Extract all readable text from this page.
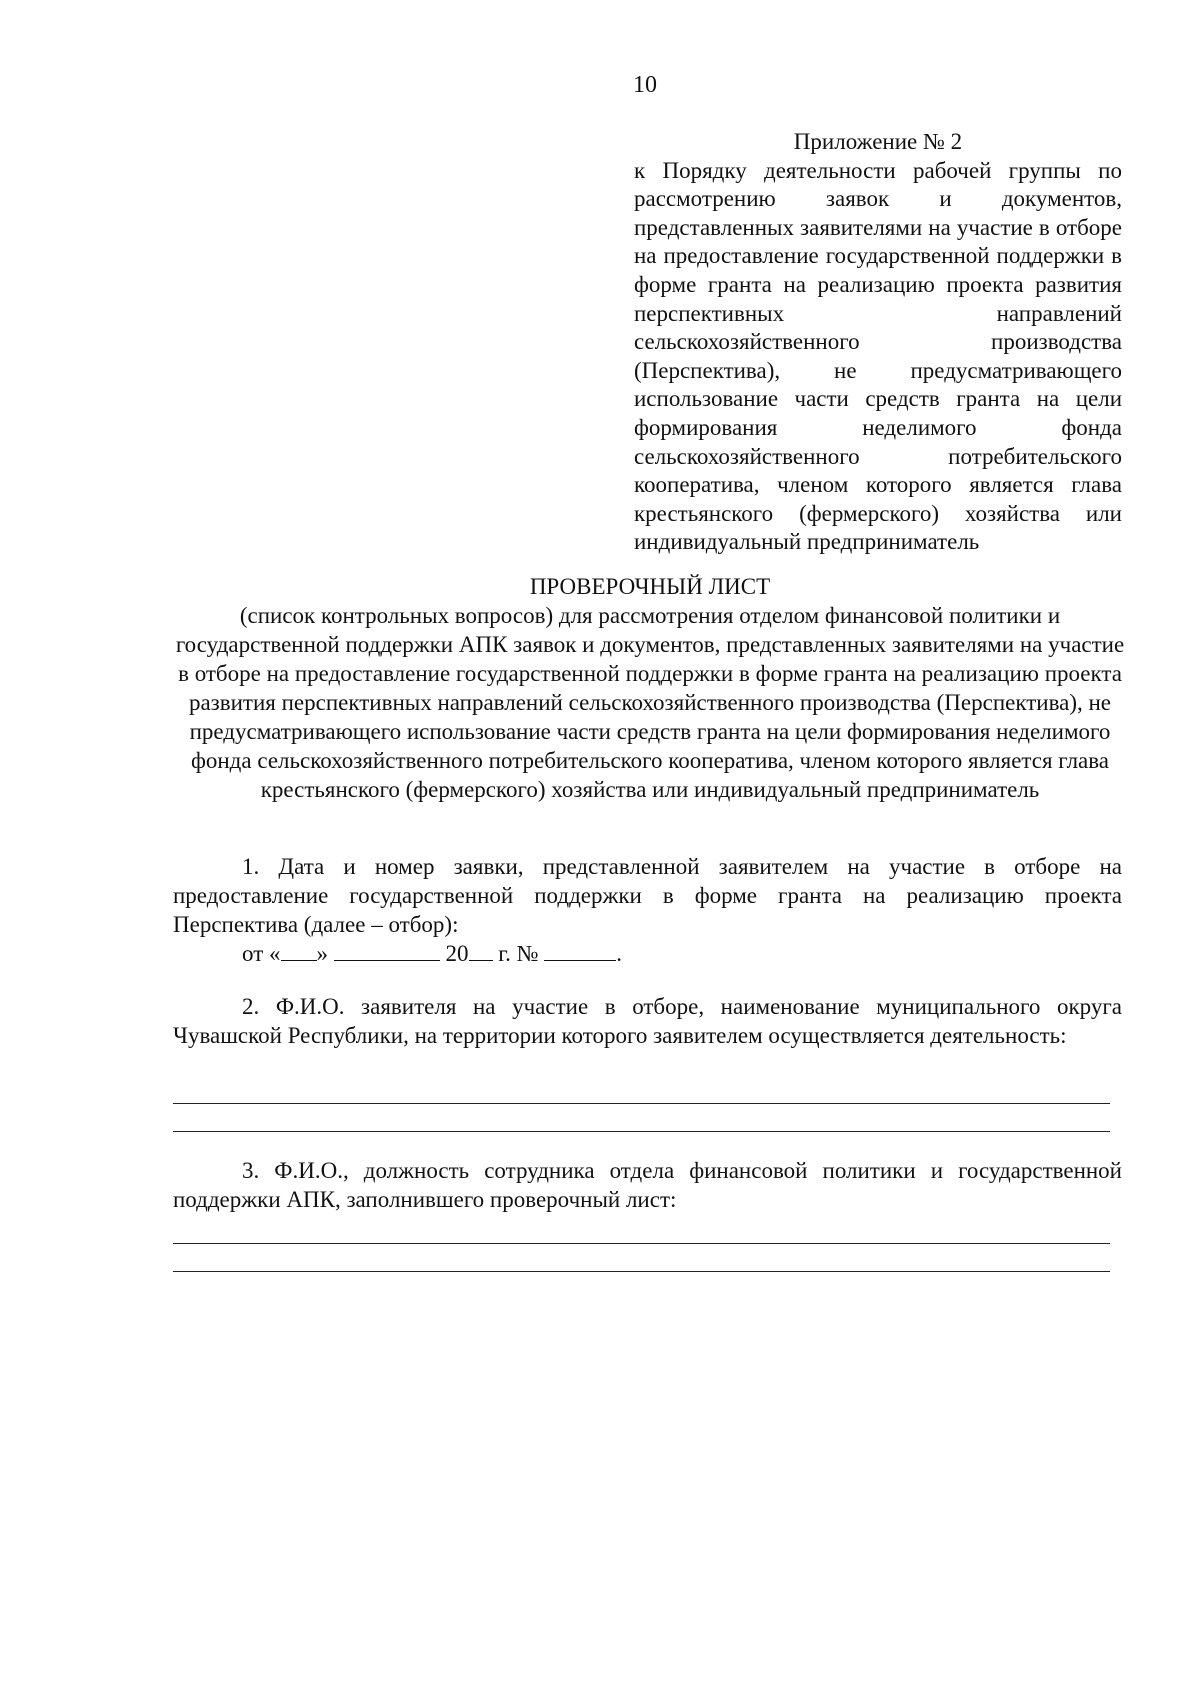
10
Приложение № 2
к Порядку деятельности рабочей группы по рассмотрению заявок и документов, представленных заявителями на участие в отборе на предоставление государственной поддержки в форме гранта на реализацию проекта развития перспективных направлений сельскохозяйственного производства (Перспектива), не предусматривающего использование части средств гранта на цели формирования неделимого фонда сельскохозяйственного потребительского кооператива, членом которого является глава крестьянского (фермерского) хозяйства или индивидуальный предприниматель
ПРОВЕРОЧНЫЙ ЛИСТ
(список контрольных вопросов) для рассмотрения отделом финансовой политики и государственной поддержки АПК заявок и документов, представленных заявителями на участие в отборе на предоставление государственной поддержки в форме гранта на реализацию проекта развития перспективных направлений сельскохозяйственного производства (Перспектива), не предусматривающего использование части средств гранта на цели формирования неделимого фонда сельскохозяйственного потребительского кооператива, членом которого является глава крестьянского (фермерского) хозяйства или индивидуальный предприниматель
1. Дата и номер заявки, представленной заявителем на участие в отборе на предоставление государственной поддержки в форме гранта на реализацию проекта Перспектива (далее – отбор):
от « »	20 г. №	.
2. Ф.И.О. заявителя на участие в отборе, наименование муниципального округа Чувашской Республики, на территории которого заявителем осуществляется деятельность:
3. Ф.И.О., должность сотрудника отдела финансовой политики и государственной поддержки АПК, заполнившего проверочный лист:
